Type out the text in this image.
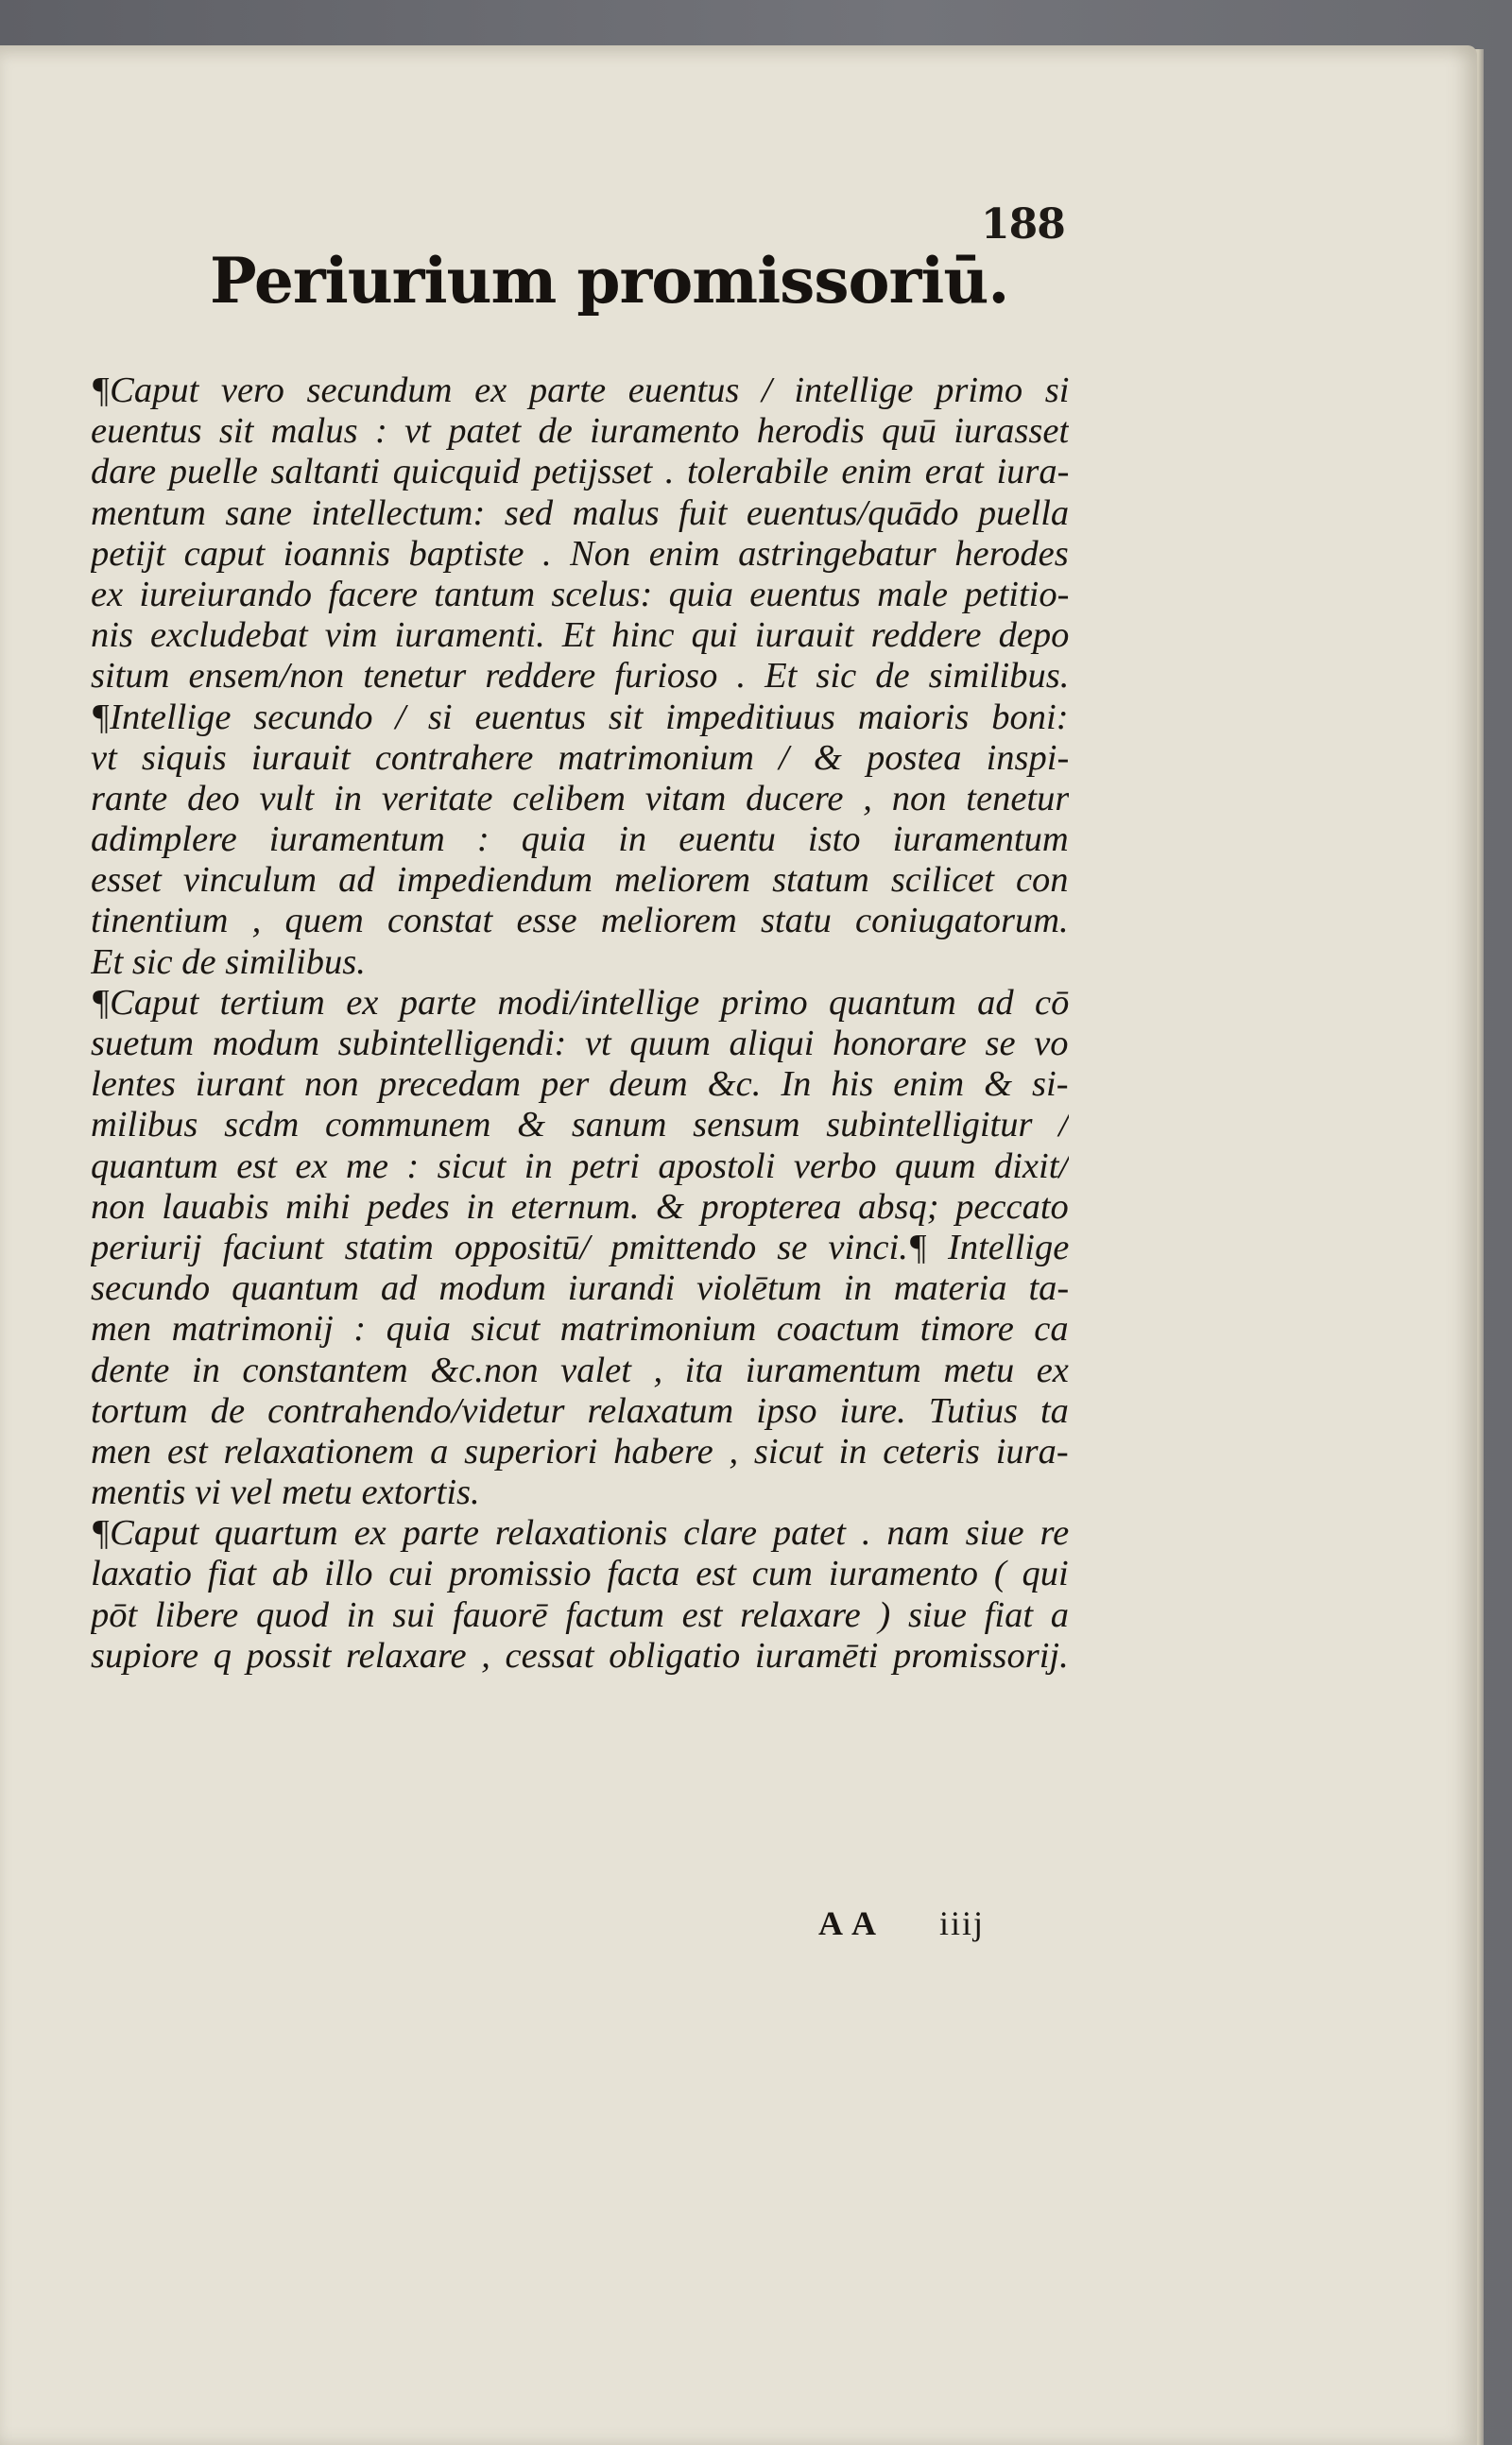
188
Periurium promissoriū.
¶Caput vero secundum ex parte euentus / intellige primo si
euentus sit malus : vt patet de iuramento herodis quū iurasset
dare puelle saltanti quicquid petijsset . tolerabile enim erat iura-
mentum sane intellectum: sed malus fuit euentus/quādo puella
petijt caput ioannis baptiste . Non enim astringebatur herodes
ex iureiurando facere tantum scelus: quia euentus male petitio-
nis excludebat vim iuramenti. Et hinc qui iurauit reddere depo
situm ensem/non tenetur reddere furioso . Et sic de similibus.
¶Intellige secundo / si euentus sit impeditiuus maioris boni:
vt siquis iurauit contrahere matrimonium / & postea inspi-
rante deo vult in veritate celibem vitam ducere , non tenetur
adimplere iuramentum : quia in euentu isto iuramentum
esset vinculum ad impediendum meliorem statum scilicet con
tinentium , quem constat esse meliorem statu coniugatorum.
Et sic de similibus.
¶Caput tertium ex parte modi/intellige primo quantum ad cō
suetum modum subintelligendi: vt quum aliqui honorare se vo
lentes iurant non precedam per deum &c. In his enim & si-
milibus scdm communem & sanum sensum subintelligitur /
quantum est ex me : sicut in petri apostoli verbo quum dixit/
non lauabis mihi pedes in eternum. & propterea absq; peccato
periurij faciunt statim oppositū/ pmittendo se vinci.¶ Intellige
secundo quantum ad modum iurandi violētum in materia ta-
men matrimonij : quia sicut matrimonium coactum timore ca
dente in constantem &c.non valet , ita iuramentum metu ex
tortum de contrahendo/videtur relaxatum ipso iure. Tutius ta
men est relaxationem a superiori habere , sicut in ceteris iura-
mentis vi vel metu extortis.
¶Caput quartum ex parte relaxationis clare patet . nam siue re
laxatio fiat ab illo cui promissio facta est cum iuramento ( qui
pōt libere quod in sui fauorē factum est relaxare ) siue fiat a
supiore q possit relaxare , cessat obligatio iuramēti promissorij.
A A iiij
